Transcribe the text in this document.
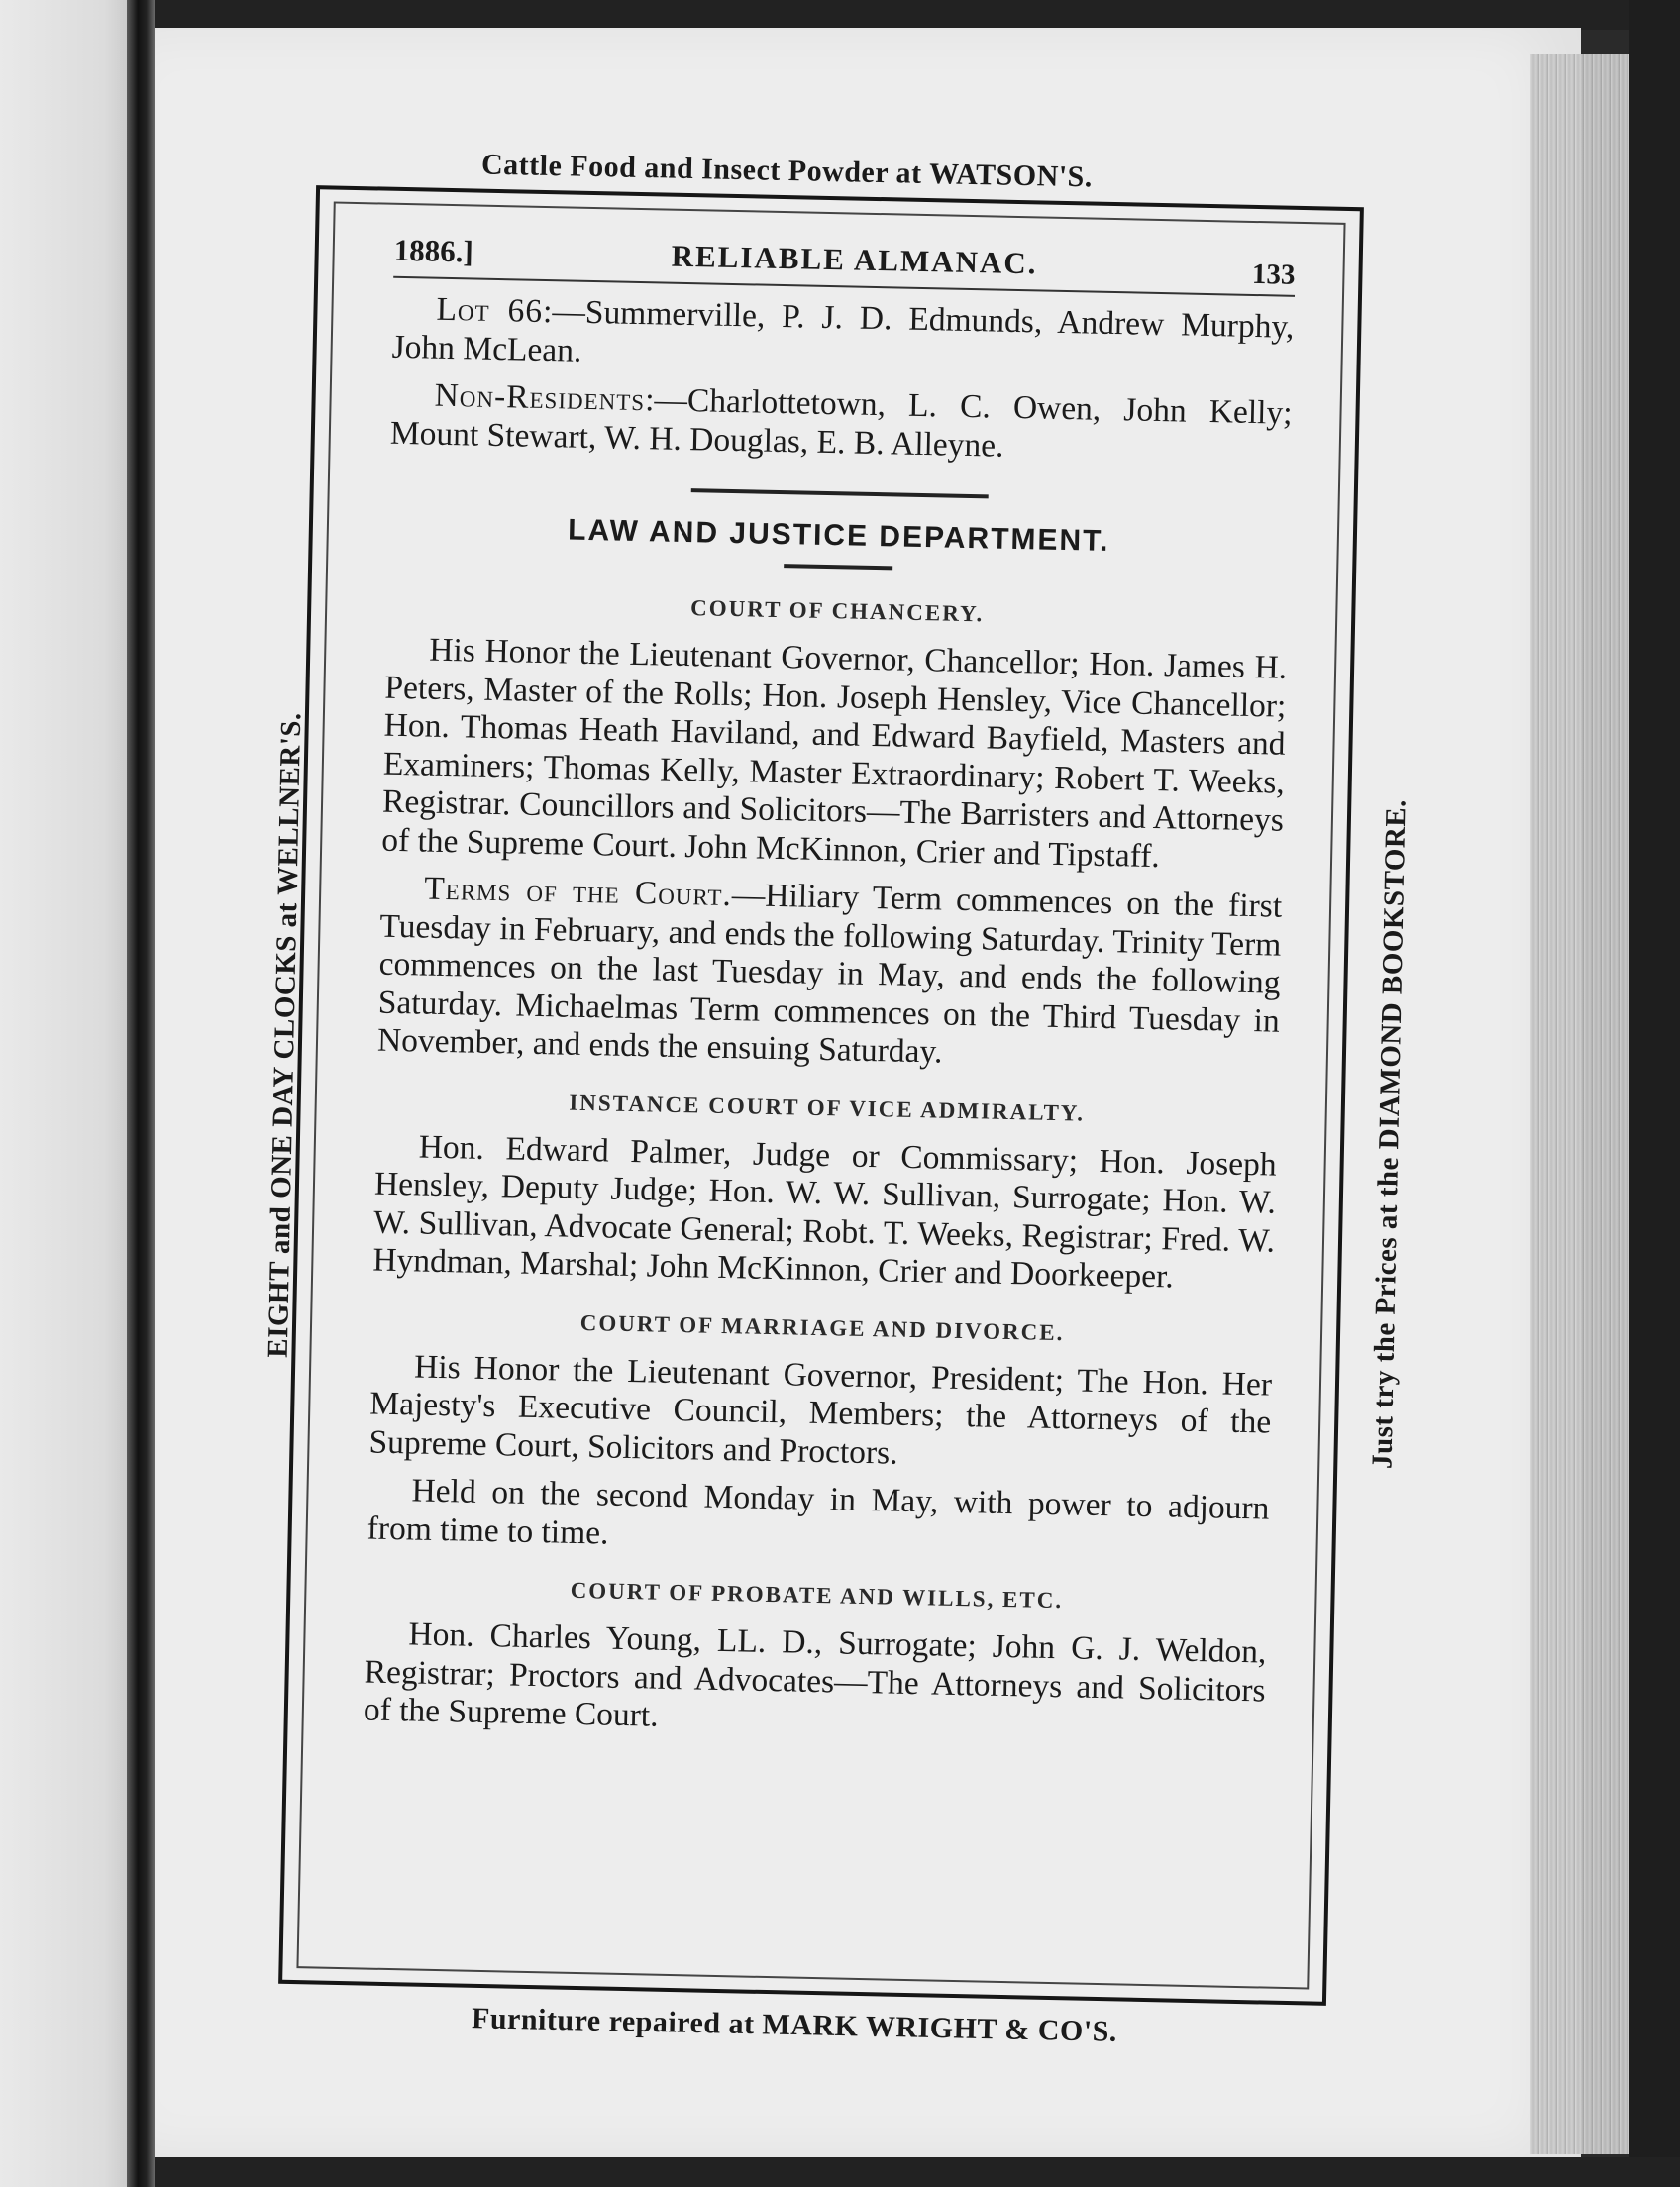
Cattle Food and Insect Powder at WATSON'S.
EIGHT and ONE DAY CLOCKS at WELLNER'S.	Just try the Prices at the DIAMOND BOOKSTORE.
Furniture repaired at MARK WRIGHT & CO'S.
1886.]	RELIABLE ALMANAC.	133

Lot 66:—Summerville, P. J. D. Edmunds, Andrew Murphy, John McLean.

Non-Residents:—Charlottetown, L. C. Owen, John Kelly; Mount Stewart, W. H. Douglas, E. B. Alleyne.

LAW AND JUSTICE DEPARTMENT.
COURT OF CHANCERY.

His Honor the Lieutenant Governor, Chancellor; Hon. James H. Peters, Master of the Rolls; Hon. Joseph Hensley, Vice Chancellor; Hon. Thomas Heath Haviland, and Edward Bayfield, Masters and Examiners; Thomas Kelly, Master Extraordinary; Robert T. Weeks, Registrar. Councillors and Solicitors—The Barristers and Attorneys of the Supreme Court. John McKinnon, Crier and Tipstaff.

Terms of the Court.—Hiliary Term commences on the first Tuesday in February, and ends the following Saturday. Trinity Term commences on the last Tuesday in May, and ends the following Saturday. Michaelmas Term commences on the Third Tuesday in November, and ends the ensuing Saturday.

INSTANCE COURT OF VICE ADMIRALTY.

Hon. Edward Palmer, Judge or Commissary; Hon. Joseph Hensley, Deputy Judge; Hon. W. W. Sullivan, Surrogate; Hon. W. W. Sullivan, Advocate General; Robt. T. Weeks, Registrar; Fred. W. Hyndman, Marshal; John McKinnon, Crier and Doorkeeper.

COURT OF MARRIAGE AND DIVORCE.

His Honor the Lieutenant Governor, President; The Hon. Her Majesty's Executive Council, Members; the Attorneys of the Supreme Court, Solicitors and Proctors.

Held on the second Monday in May, with power to adjourn from time to time.

COURT OF PROBATE AND WILLS, ETC.

Hon. Charles Young, LL. D., Surrogate; John G. J. Weldon, Registrar; Proctors and Advocates—The Attorneys and Solicitors of the Supreme Court.
